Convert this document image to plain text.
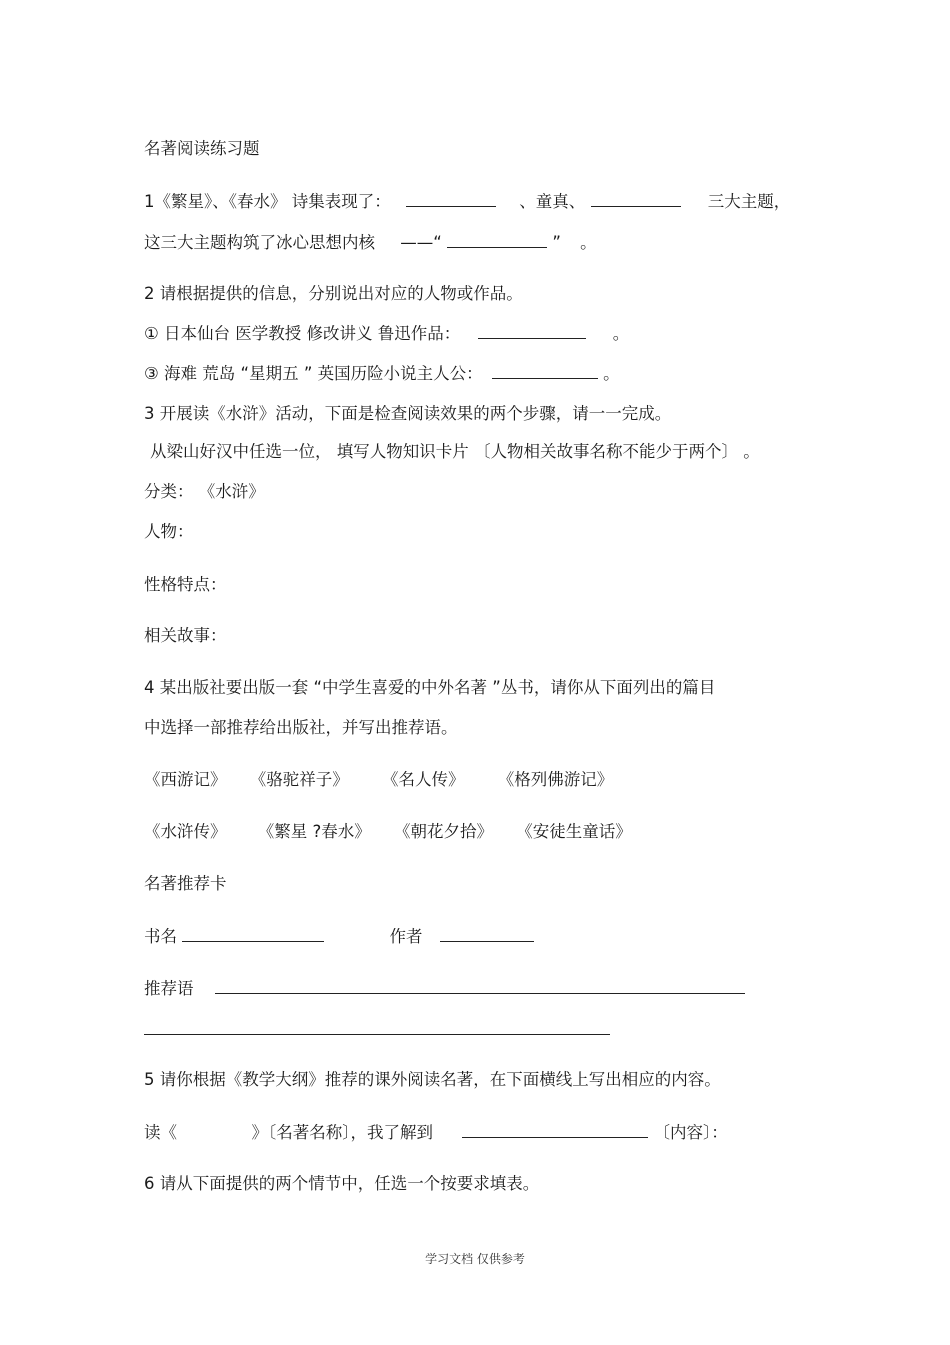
名著阅读练习题
1《繁星》、《春水》 诗集表现了：	、童真、	三大主题，
这三大主题构筑了冰心思想内核 ——“	” 。
2 请根据提供的信息，分别说出对应的人物或作品。
① 日本仙台 医学教授 修改讲义 鲁迅作品：	。
③ 海难 荒岛 “星期五 ” 英国历险小说主人公：	。
3 开展读《水浒》活动，下面是检查阅读效果的两个步骤，请一一完成。
从梁山好汉中任选一位， 填写人物知识卡片 〔人物相关故事名称不能少于两个〕 。
分类： 《水浒》
人物：
性格特点：
相关故事：
4 某出版社要出版一套 “中学生喜爱的中外名著 ”丛书，请你从下面列出的篇目
中选择一部推荐给出版社，并写出推荐语。
《西游记》 《骆驼祥子》 《名人传》 《格列佛游记》
《水浒传》 《繁星 ?春水》 《朝花夕拾》 《安徒生童话》
名著推荐卡
书名	作者
推荐语
5 请你根据《教学大纲》推荐的课外阅读名著，在下面横线上写出相应的内容。
读《	》〔名著名称〕，我了解到	〔内容〕：
6 请从下面提供的两个情节中，任选一个按要求填表。
学习文档 仅供参考
